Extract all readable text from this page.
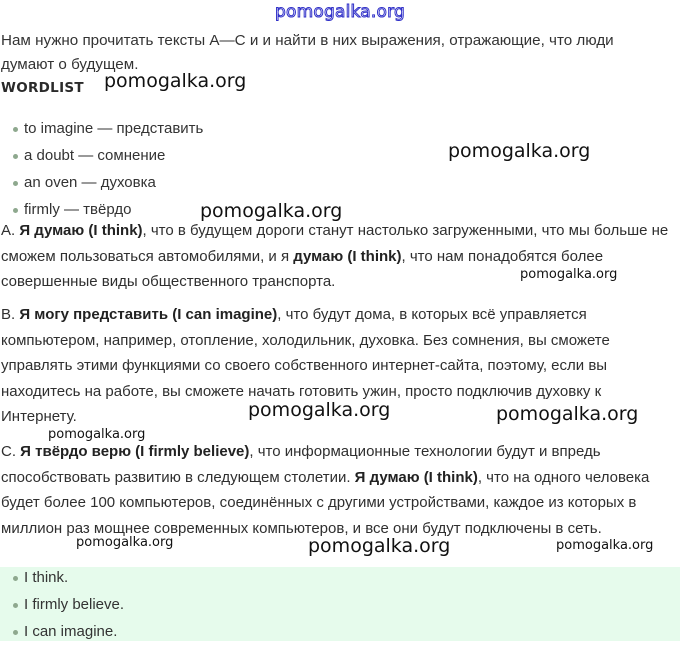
pomogalka.org
Нам нужно прочитать тексты A—C и и найти в них выражения, отражающие, что люди думают о будущем.
WORDLIST
to imagine — представить
a doubt — сомнение
an oven — духовка
firmly — твёрдо
A. Я думаю (I think), что в будущем дороги станут настолько загруженными, что мы больше не сможем пользоваться автомобилями, и я думаю (I think), что нам понадобятся более совершенные виды общественного транспорта.
B. Я могу представить (I can imagine), что будут дома, в которых всё управляется компьютером, например, отопление, холодильник, духовка. Без сомнения, вы сможете управлять этими функциями со своего собственного интернет-сайта, поэтому, если вы находитесь на работе, вы сможете начать готовить ужин, просто подключив духовку к Интернету.
C. Я твёрдо верю (I firmly believe), что информационные технологии будут и впредь способствовать развитию в следующем столетии. Я думаю (I think), что на одного человека будет более 100 компьютеров, соединённых с другими устройствами, каждое из которых в миллион раз мощнее современных компьютеров, и все они будут подключены в сеть.
I think.
I firmly believe.
I can imagine.
pomogalka.org
pomogalka.org
pomogalka.org
pomogalka.org
pomogalka.org	pomogalka.org
pomogalka.org
pomogalka.org	pomogalka.org	pomogalka.org
